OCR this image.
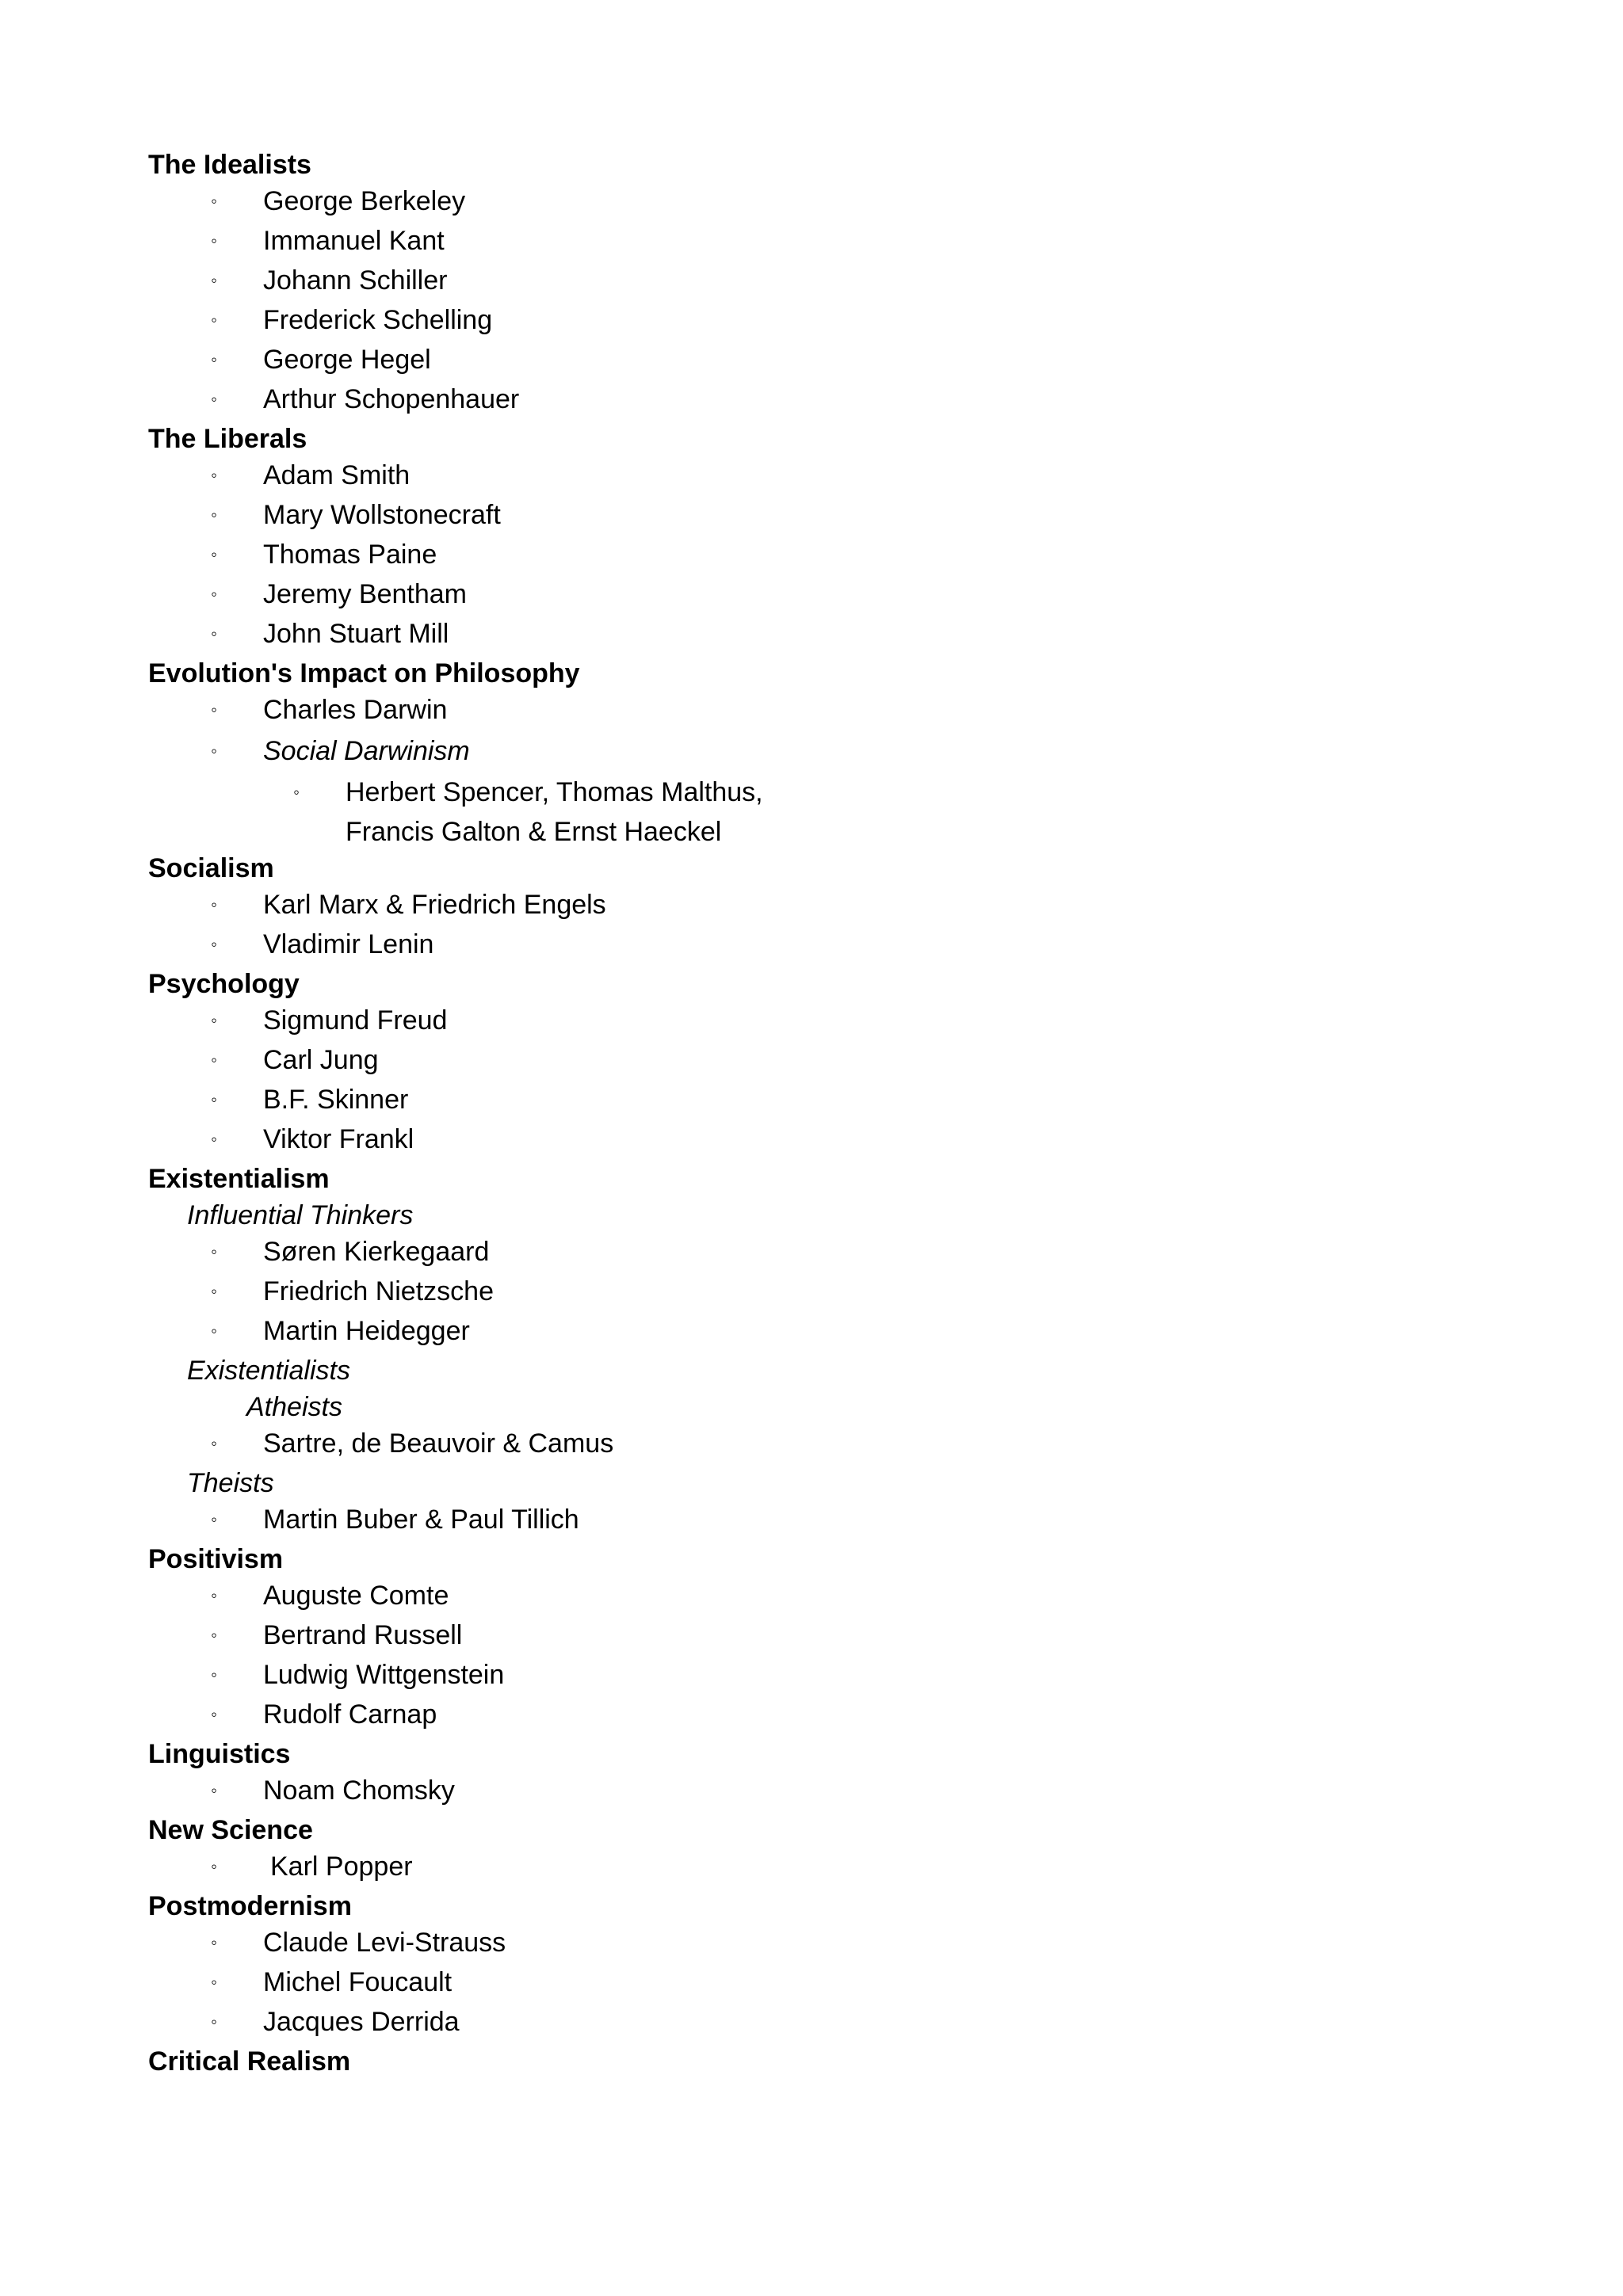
The Idealists
◦ George Berkeley
◦ Immanuel Kant
◦ Johann Schiller
◦ Frederick Schelling
◦ George Hegel
◦ Arthur Schopenhauer
The Liberals
◦ Adam Smith
◦ Mary Wollstonecraft
◦ Thomas Paine
◦ Jeremy Bentham
◦ John Stuart Mill
Evolution's Impact on Philosophy
◦ Charles Darwin
◦ Social Darwinism
◦ Herbert Spencer, Thomas Malthus,
Francis Galton & Ernst Haeckel
Socialism
◦ Karl Marx & Friedrich Engels
◦ Vladimir Lenin
Psychology
◦ Sigmund Freud
◦ Carl Jung
◦ B.F. Skinner
◦ Viktor Frankl
Existentialism
Influential Thinkers
◦ Søren Kierkegaard
◦ Friedrich Nietzsche
◦ Martin Heidegger
Existentialists
Atheists
◦ Sartre, de Beauvoir & Camus
Theists
◦ Martin Buber & Paul Tillich
Positivism
◦ Auguste Comte
◦ Bertrand Russell
◦ Ludwig Wittgenstein
◦ Rudolf Carnap
Linguistics
◦ Noam Chomsky
New Science
◦ Karl Popper
Postmodernism
◦ Claude Levi-Strauss
◦ Michel Foucault
◦ Jacques Derrida
Critical Realism
